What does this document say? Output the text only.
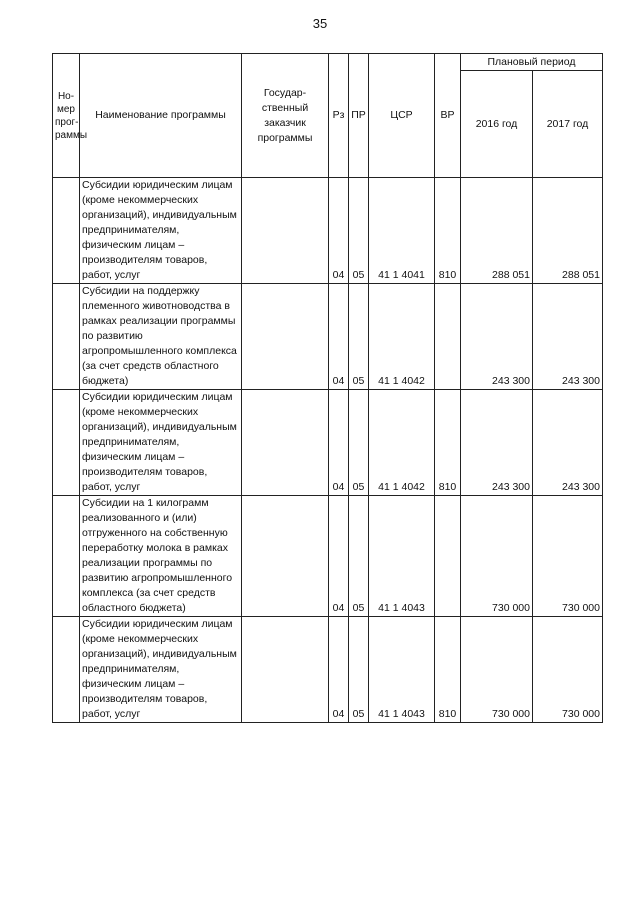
35
Но-мер прог-раммы	Наименование программы	Государ-ственный заказчик программы	Рз	ПР	ЦСР	ВР	Плановый период	
							2016 год	2017 год
	Субсидии юридическим лицам (кроме некоммерческих организаций), индивидуальным предпринимателям, физическим лицам – производителям товаров, работ, услуг		04	05	41 1 4041	810	288 051	288 051
	Субсидии на поддержку племенного животноводства в рамках реализации программы по развитию агропромышленного комплекса (за счет средств областного бюджета)		04	05	41 1 4042		243 300	243 300
	Субсидии юридическим лицам (кроме некоммерческих организаций), индивидуальным предпринимателям, физическим лицам – производителям товаров, работ, услуг		04	05	41 1 4042	810	243 300	243 300
	Субсидии на 1 килограмм реализованного и (или) отгруженного на собственную переработку молока в рамках реализации программы по развитию агропромышленного комплекса (за счет средств областного бюджета)		04	05	41 1 4043		730 000	730 000
	Субсидии юридическим лицам (кроме некоммерческих организаций), индивидуальным предпринимателям, физическим лицам – производителям товаров, работ, услуг		04	05	41 1 4043	810	730 000	730 000
